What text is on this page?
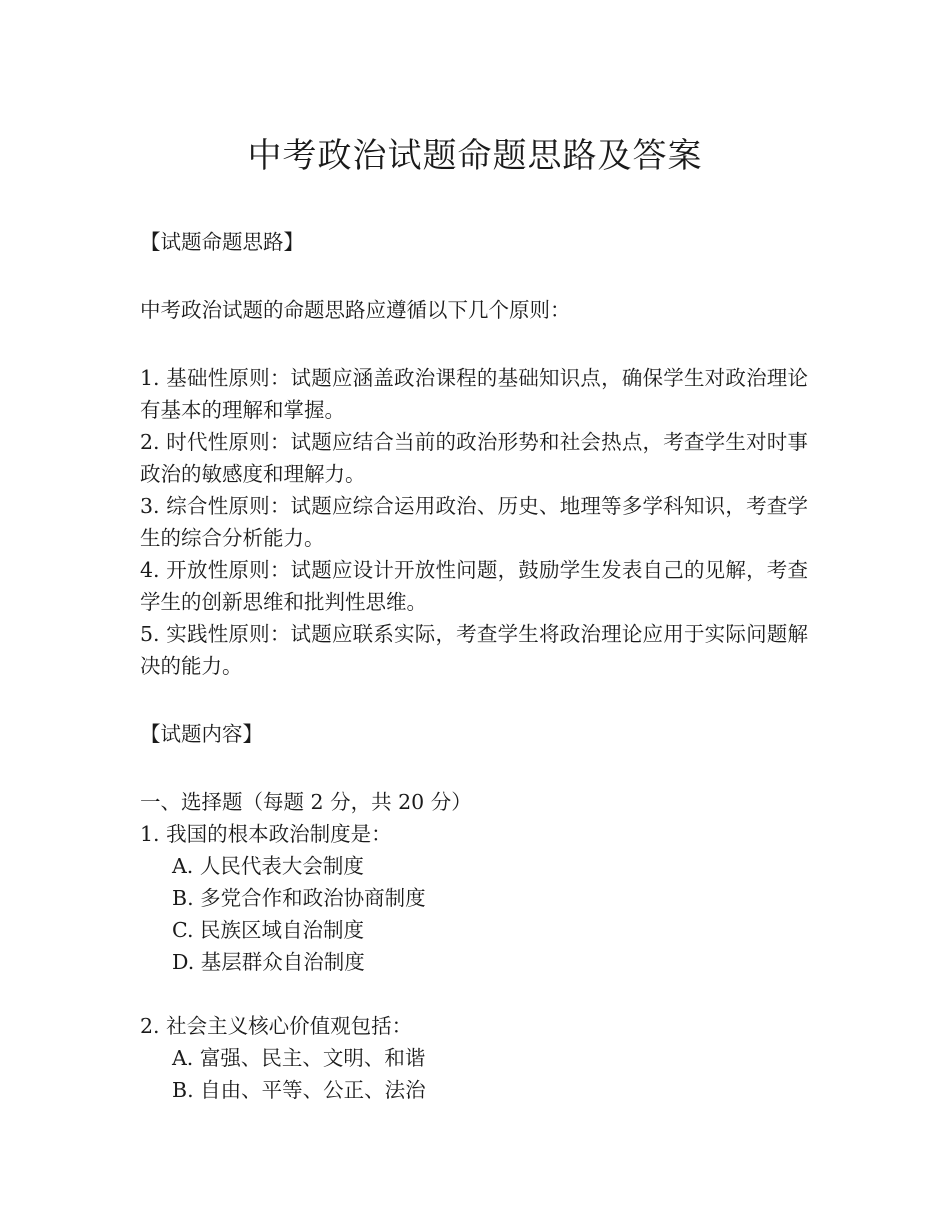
中考政治试题命题思路及答案

【试题命题思路】

中考政治试题的命题思路应遵循以下几个原则：

1. 基础性原则：试题应涵盖政治课程的基础知识点，确保学生对政治理论有基本的理解和掌握。

2. 时代性原则：试题应结合当前的政治形势和社会热点，考查学生对时事政治的敏感度和理解力。

3. 综合性原则：试题应综合运用政治、历史、地理等多学科知识，考查学生的综合分析能力。

4. 开放性原则：试题应设计开放性问题，鼓励学生发表自己的见解，考查学生的创新思维和批判性思维。

5. 实践性原则：试题应联系实际，考查学生将政治理论应用于实际问题解决的能力。

【试题内容】

一、选择题（每题 2 分，共 20 分）

1. 我国的根本政治制度是：

A. 人民代表大会制度

B. 多党合作和政治协商制度

C. 民族区域自治制度

D. 基层群众自治制度

2. 社会主义核心价值观包括：

A. 富强、民主、文明、和谐

B. 自由、平等、公正、法治
